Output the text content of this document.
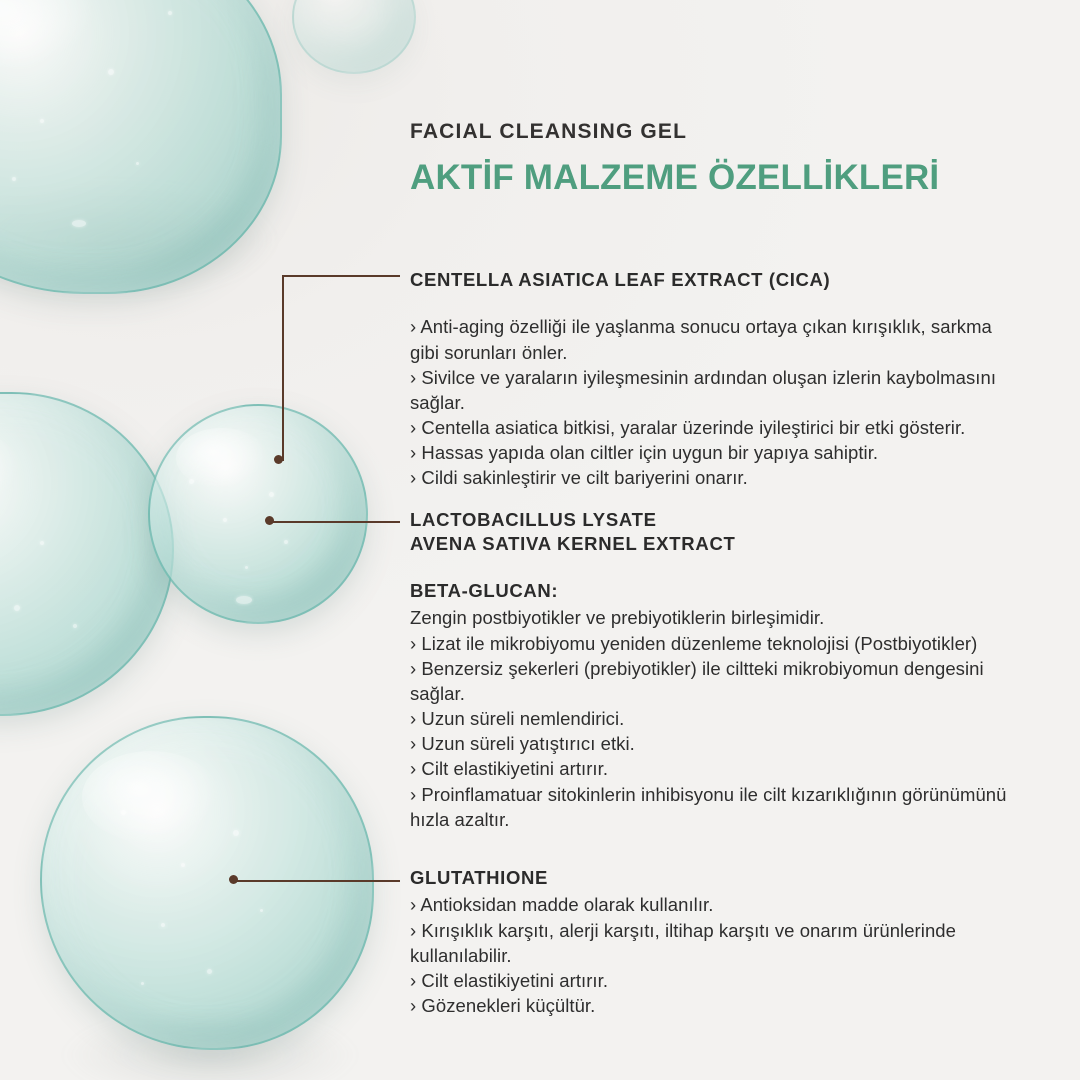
FACIAL CLEANSING GEL
AKTİF MALZEME ÖZELLİKLERİ
CENTELLA ASIATICA LEAF EXTRACT (CICA)

› Anti-aging özelliği ile yaşlanma sonucu ortaya çıkan kırışıklık, sarkma gibi sorunları önler.

› Sivilce ve yaraların iyileşmesinin ardından oluşan izlerin kaybolmasını sağlar.

› Centella asiatica bitkisi, yaralar üzerinde iyileştirici bir etki gösterir.

› Hassas yapıda olan ciltler için uygun bir yapıya sahiptir.

› Cildi sakinleştirir ve cilt bariyerini onarır.

LACTOBACILLUS LYSATE
AVENA SATIVA KERNEL EXTRACT
BETA-GLUCAN:

Zengin postbiyotikler ve prebiyotiklerin birleşimidir.

› Lizat ile mikrobiyomu yeniden düzenleme teknolojisi (Postbiyotikler)

› Benzersiz şekerleri (prebiyotikler) ile ciltteki mikrobiyomun dengesini sağlar.

› Uzun süreli nemlendirici.

› Uzun süreli yatıştırıcı etki.

› Cilt elastikiyetini artırır.

› Proinflamatuar sitokinlerin inhibisyonu ile cilt kızarıklığının görünümünü hızla azaltır.

GLUTATHIONE

› Antioksidan madde olarak kullanılır.

› Kırışıklık karşıtı, alerji karşıtı, iltihap karşıtı ve onarım ürünlerinde kullanılabilir.

› Cilt elastikiyetini artırır.

› Gözenekleri küçültür.
